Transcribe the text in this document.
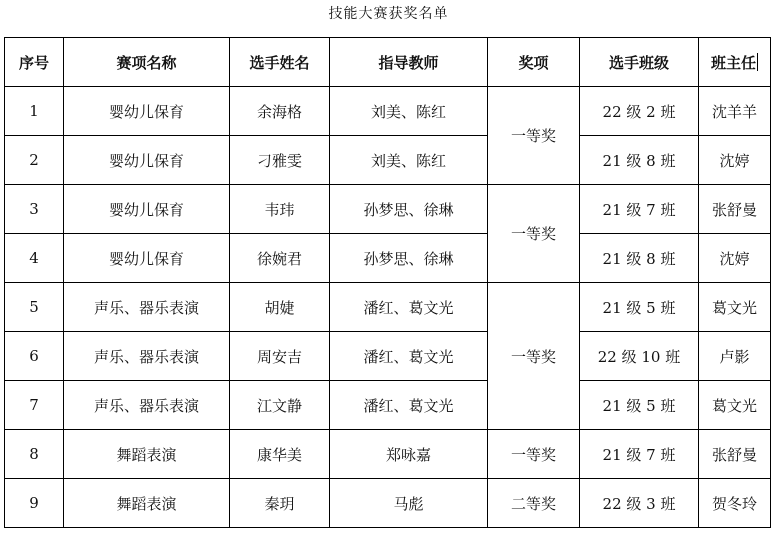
技能大赛获奖名单
序号	赛项名称	选手姓名	指导教师	奖项	选手班级	班主任
1	婴幼儿保育	余海格	刘美、陈红	一等奖	22 级 2 班	沈羊羊
2	婴幼儿保育	刁雅雯	刘美、陈红		21 级 8 班	沈婷
3	婴幼儿保育	韦玮	孙梦思、徐琳	一等奖	21 级 7 班	张舒曼
4	婴幼儿保育	徐婉君	孙梦思、徐琳		21 级 8 班	沈婷
5	声乐、器乐表演	胡婕	潘红、葛文光	一等奖	21 级 5 班	葛文光
6	声乐、器乐表演	周安吉	潘红、葛文光		22 级 10 班	卢影
7	声乐、器乐表演	江文静	潘红、葛文光		21 级 5 班	葛文光
8	舞蹈表演	康华美	郑咏嘉	一等奖	21 级 7 班	张舒曼
9	舞蹈表演	秦玥	马彪	二等奖	22 级 3 班	贺冬玲
